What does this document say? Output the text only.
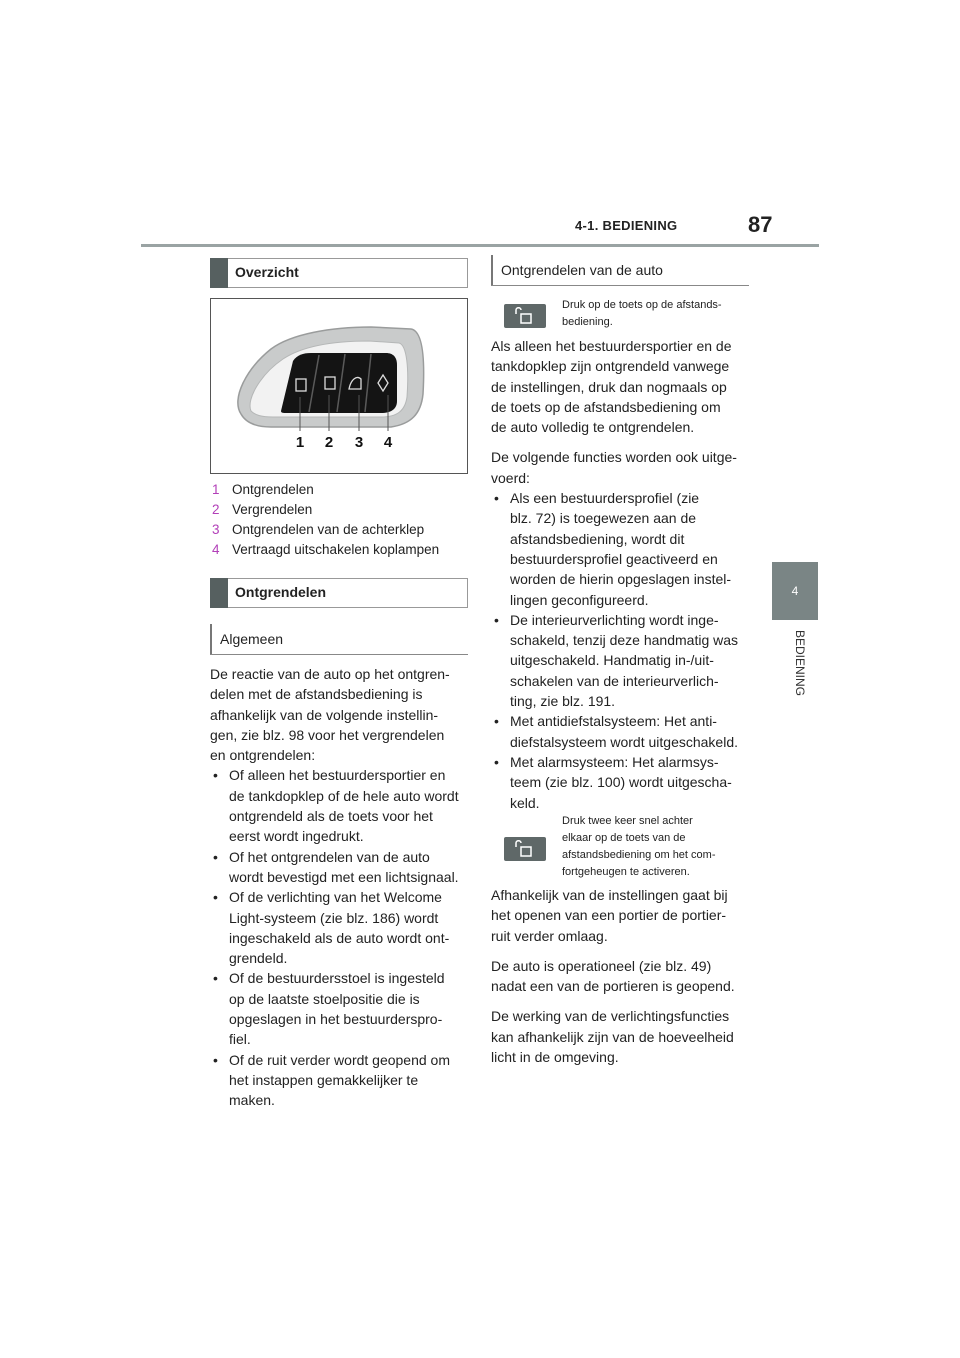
4-1. BEDIENING	87
4
BEDIENING
Overzicht
1 2 3 4
1 Ontgrendelen
2 Vergrendelen
3 Ontgrendelen van de achterklep
4 Vertraagd uitschakelen koplampen
Ontgrendelen
Algemeen

De reactie van de auto op het ontgren-
delen met de afstandsbediening is
afhankelijk van de volgende instellin-
gen, zie blz. 98 voor het vergrendelen
en ontgrendelen:

• Of alleen het bestuurdersportier en
de tankdopklep of de hele auto wordt
ontgrendeld als de toets voor het
eerst wordt ingedrukt.
• Of het ontgrendelen van de auto
wordt bevestigd met een lichtsignaal.
• Of de verlichting van het Welcome
Light-systeem (zie blz. 186) wordt
ingeschakeld als de auto wordt ont-
grendeld.
• Of de bestuurdersstoel is ingesteld
op de laatste stoelpositie die is
opgeslagen in het bestuurderspro-
fiel.
• Of de ruit verder wordt geopend om
het instappen gemakkelijker te
maken.
Ontgrendelen van de auto
Druk op de toets op de afstands-
bediening.

Als alleen het bestuurdersportier en de
tankdopklep zijn ontgrendeld vanwege
de instellingen, druk dan nogmaals op
de toets op de afstandsbediening om
de auto volledig te ontgrendelen.

De volgende functies worden ook uitge-
voerd:

• Als een bestuurdersprofiel (zie
blz. 72) is toegewezen aan de
afstandsbediening, wordt dit
bestuurdersprofiel geactiveerd en
worden de hierin opgeslagen instel-
lingen geconfigureerd.
• De interieurverlichting wordt inge-
schakeld, tenzij deze handmatig was
uitgeschakeld. Handmatig in-/uit-
schakelen van de interieurverlich-
ting, zie blz. 191.
• Met antidiefstalsysteem: Het anti-
diefstalsysteem wordt uitgeschakeld.
• Met alarmsysteem: Het alarmsys-
teem (zie blz. 100) wordt uitgescha-
keld.
Druk twee keer snel achter
elkaar op de toets van de
afstandsbediening om het com-
fortgeheugen te activeren.

Afhankelijk van de instellingen gaat bij
het openen van een portier de portier-
ruit verder omlaag.

De auto is operationeel (zie blz. 49)
nadat een van de portieren is geopend.

De werking van de verlichtingsfuncties
kan afhankelijk zijn van de hoeveelheid
licht in de omgeving.
